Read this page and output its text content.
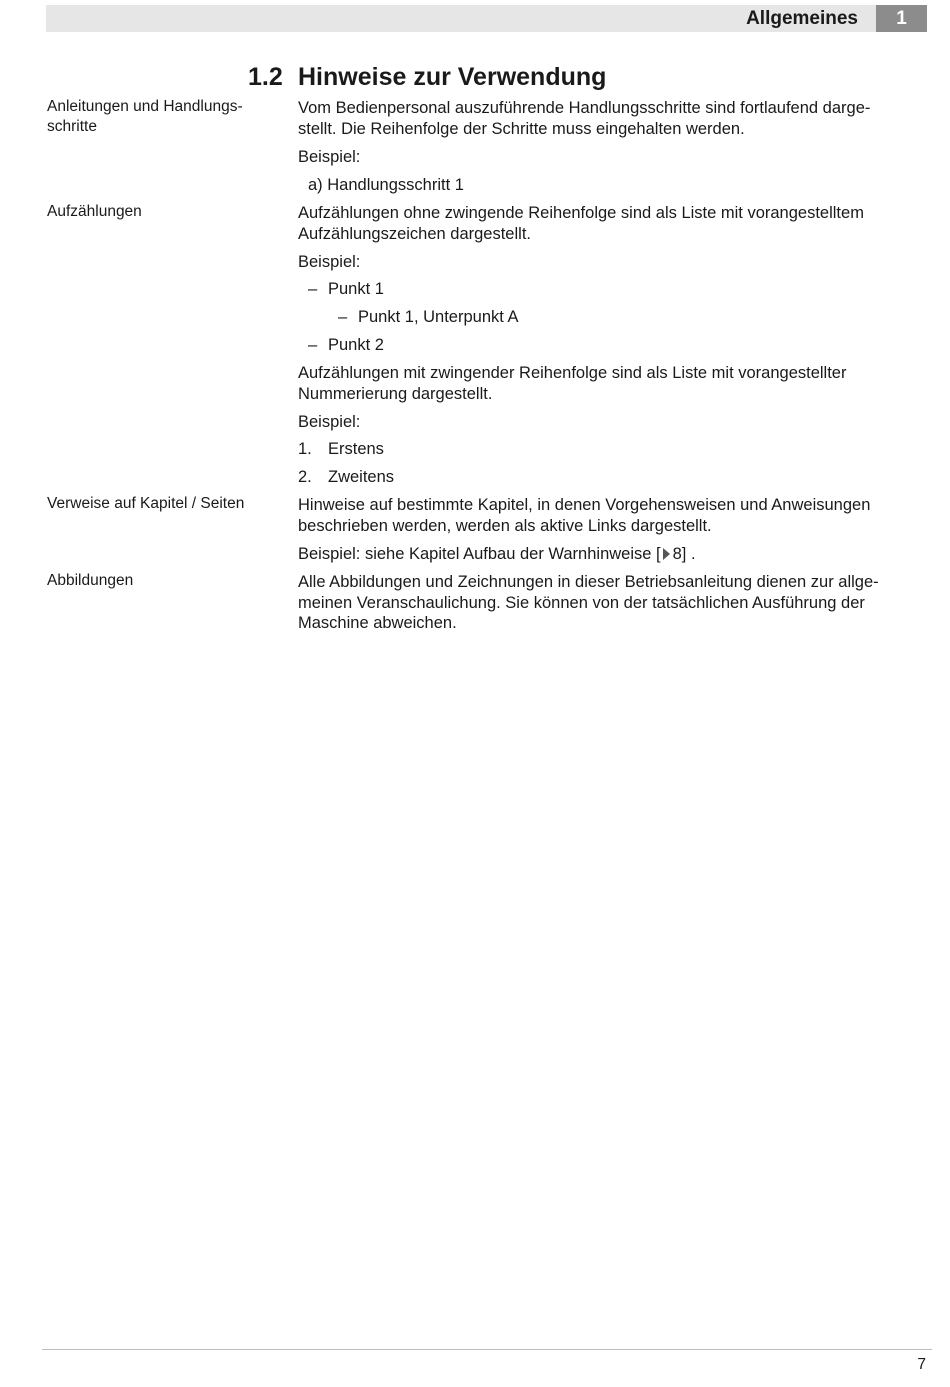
Allgemeines	1
1.2 Hinweise zur Verwendung
Anleitungen und Handlungs-
schritte
Aufzählungen
Verweise auf Kapitel / Seiten
Abbildungen
Vom Bedienpersonal auszuführende Handlungsschritte sind fortlaufend darge-
stellt. Die Reihenfolge der Schritte muss eingehalten werden.
Beispiel:
a) Handlungsschritt 1
Aufzählungen ohne zwingende Reihenfolge sind als Liste mit vorangestelltem
Aufzählungszeichen dargestellt.
Beispiel:
– Punkt 1
– Punkt 1, Unterpunkt A
– Punkt 2
Aufzählungen mit zwingender Reihenfolge sind als Liste mit vorangestellter
Nummerierung dargestellt.
Beispiel:
1. Erstens
2. Zweitens
Hinweise auf bestimmte Kapitel, in denen Vorgehensweisen und Anweisungen
beschrieben werden, werden als aktive Links dargestellt.
Beispiel: siehe Kapitel Aufbau der Warnhinweise [ 8] .
Alle Abbildungen und Zeichnungen in dieser Betriebsanleitung dienen zur allge-
meinen Veranschaulichung. Sie können von der tatsächlichen Ausführung der
Maschine abweichen.
7
